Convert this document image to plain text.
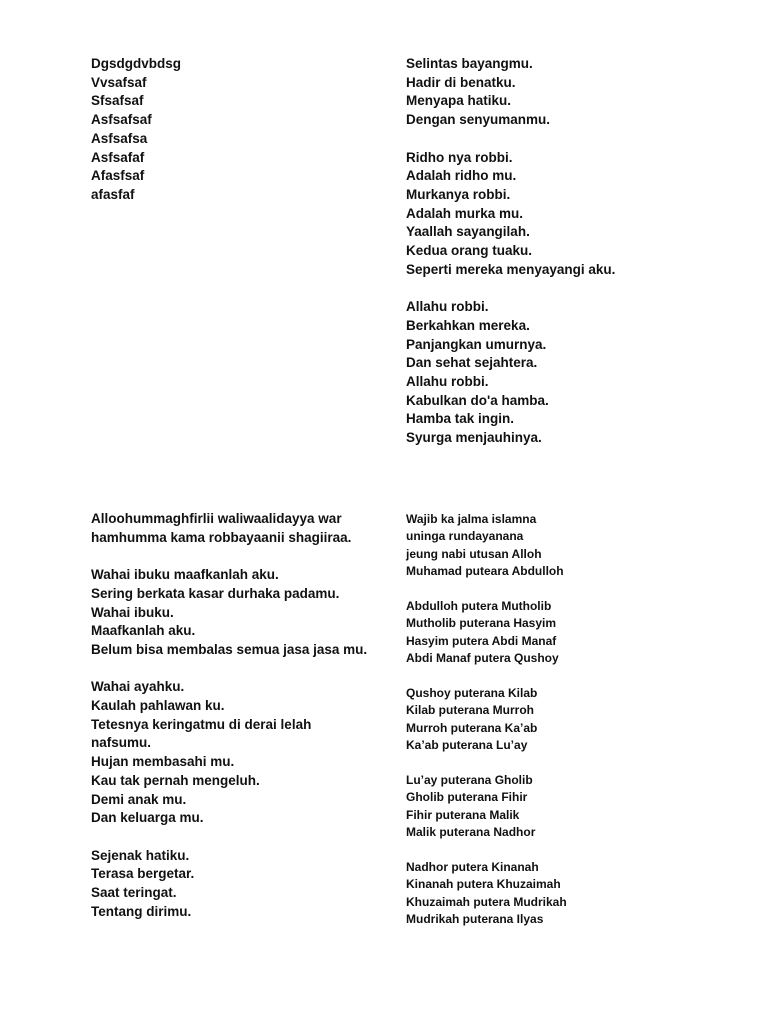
Dgsdgdvbdsg
Vvsafsaf
Sfsafsaf
Asfsafsaf
Asfsafsa
Asfsafaf
Afasfsaf
afasfaf
Selintas bayangmu.
Hadir di benatku.
Menyapa hatiku.
Dengan senyumanmu.
Ridho nya robbi.
Adalah ridho mu.
Murkanya robbi.
Adalah murka mu.
Yaallah sayangilah.
Kedua orang tuaku.
Seperti mereka menyayangi aku.
Allahu robbi.
Berkahkan mereka.
Panjangkan umurnya.
Dan sehat sejahtera.
Allahu robbi.
Kabulkan do'a hamba.
Hamba tak ingin.
Syurga menjauhinya.
Alloohummaghfirlii waliwaalidayya war
hamhumma kama robbayaanii shagiiraa.
Wahai ibuku maafkanlah aku.
Sering berkata kasar durhaka padamu.
Wahai ibuku.
Maafkanlah aku.
Belum bisa membalas semua jasa jasa mu.
Wahai ayahku.
Kaulah pahlawan ku.
Tetesnya keringatmu di derai lelah
nafsumu.
Hujan membasahi mu.
Kau tak pernah mengeluh.
Demi anak mu.
Dan keluarga mu.
Sejenak hatiku.
Terasa bergetar.
Saat teringat.
Tentang dirimu.
Wajib ka jalma islamna
uninga rundayanana
jeung nabi utusan Alloh
Muhamad puteara Abdulloh
Abdulloh putera Mutholib
Mutholib puterana Hasyim
Hasyim putera Abdi Manaf
Abdi Manaf putera Qushoy
Qushoy puterana Kilab
Kilab puterana Murroh
Murroh puterana Ka’ab
Ka’ab puterana Lu’ay
Lu’ay puterana Gholib
Gholib puterana Fihir
Fihir puterana Malik
Malik puterana Nadhor
Nadhor putera Kinanah
Kinanah putera Khuzaimah
Khuzaimah putera Mudrikah
Mudrikah puterana Ilyas
